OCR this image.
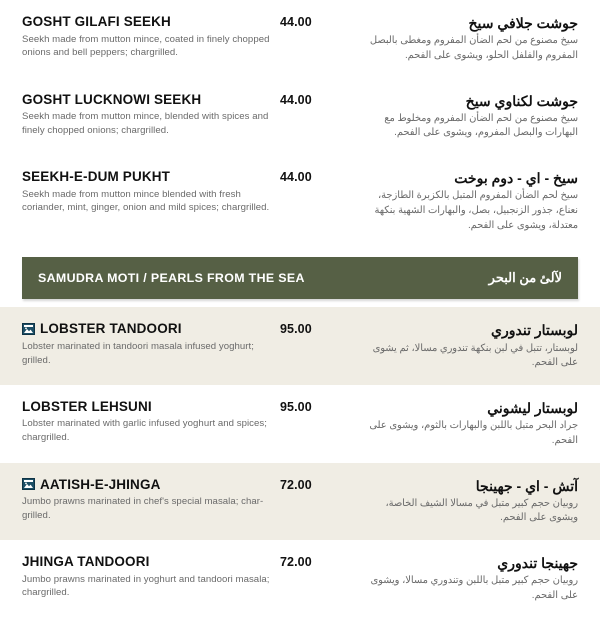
GOSHT GILAFI SEEKH
Seekh made from mutton mince, coated in finely chopped onions and bell peppers; chargrilled.
44.00	جوشت جلافي سيخ
سيخ مصنوع من لحم الضأن المفروم ومغطى بالبصل المفروم والفلفل الحلو، ويشوى على الفحم.
GOSHT LUCKNOWI SEEKH
Seekh made from mutton mince, blended with spices and finely chopped onions; chargrilled.
44.00	جوشت لكناوي سيخ
سيخ مصنوع من لحم الضأن المفروم ومخلوط مع البهارات والبصل المفروم، ويشوى على الفحم.
SEEKH-E-DUM PUKHT
Seekh made from mutton mince blended with fresh coriander, mint, ginger, onion and mild spices; chargrilled.
44.00	سيخ - اي - دوم بوخت
سيخ لحم الضأن المفروم المتبل بالكزبرة الطازجة، نعناع، جذور الزنجبيل، بصل، والبهارات الشهية بنكهة معتدلة، ويشوى على الفحم.
SAMUDRA MOTI / PEARLS FROM THE SEA	لآلئ من البحر
LOBSTER TANDOORI
Lobster marinated in tandoori masala infused yoghurt; grilled.
95.00	لوبستار تندوري
لوبستار، تتبل في لبن بنكهة تندوري مسالا، ثم يشوى على الفحم.
LOBSTER LEHSUNI
Lobster marinated with garlic infused yoghurt and spices; chargrilled.
95.00	لوبستار ليشوني
جراد البحر متبل باللبن والبهارات بالثوم، ويشوى على الفحم.
AATISH-E-JHINGA
Jumbo prawns marinated in chef's special masala; char-grilled.
72.00	آتش - اي - جهينجا
روبيان حجم كبير متبل في مسالا الشيف الخاصة، ويشوى على الفحم.
JHINGA TANDOORI
Jumbo prawns marinated in yoghurt and tandoori masala; chargrilled.
72.00	جهينجا تندوري
روبيان حجم كبير متبل باللبن وتندوري مسالا، ويشوى على الفحم.
